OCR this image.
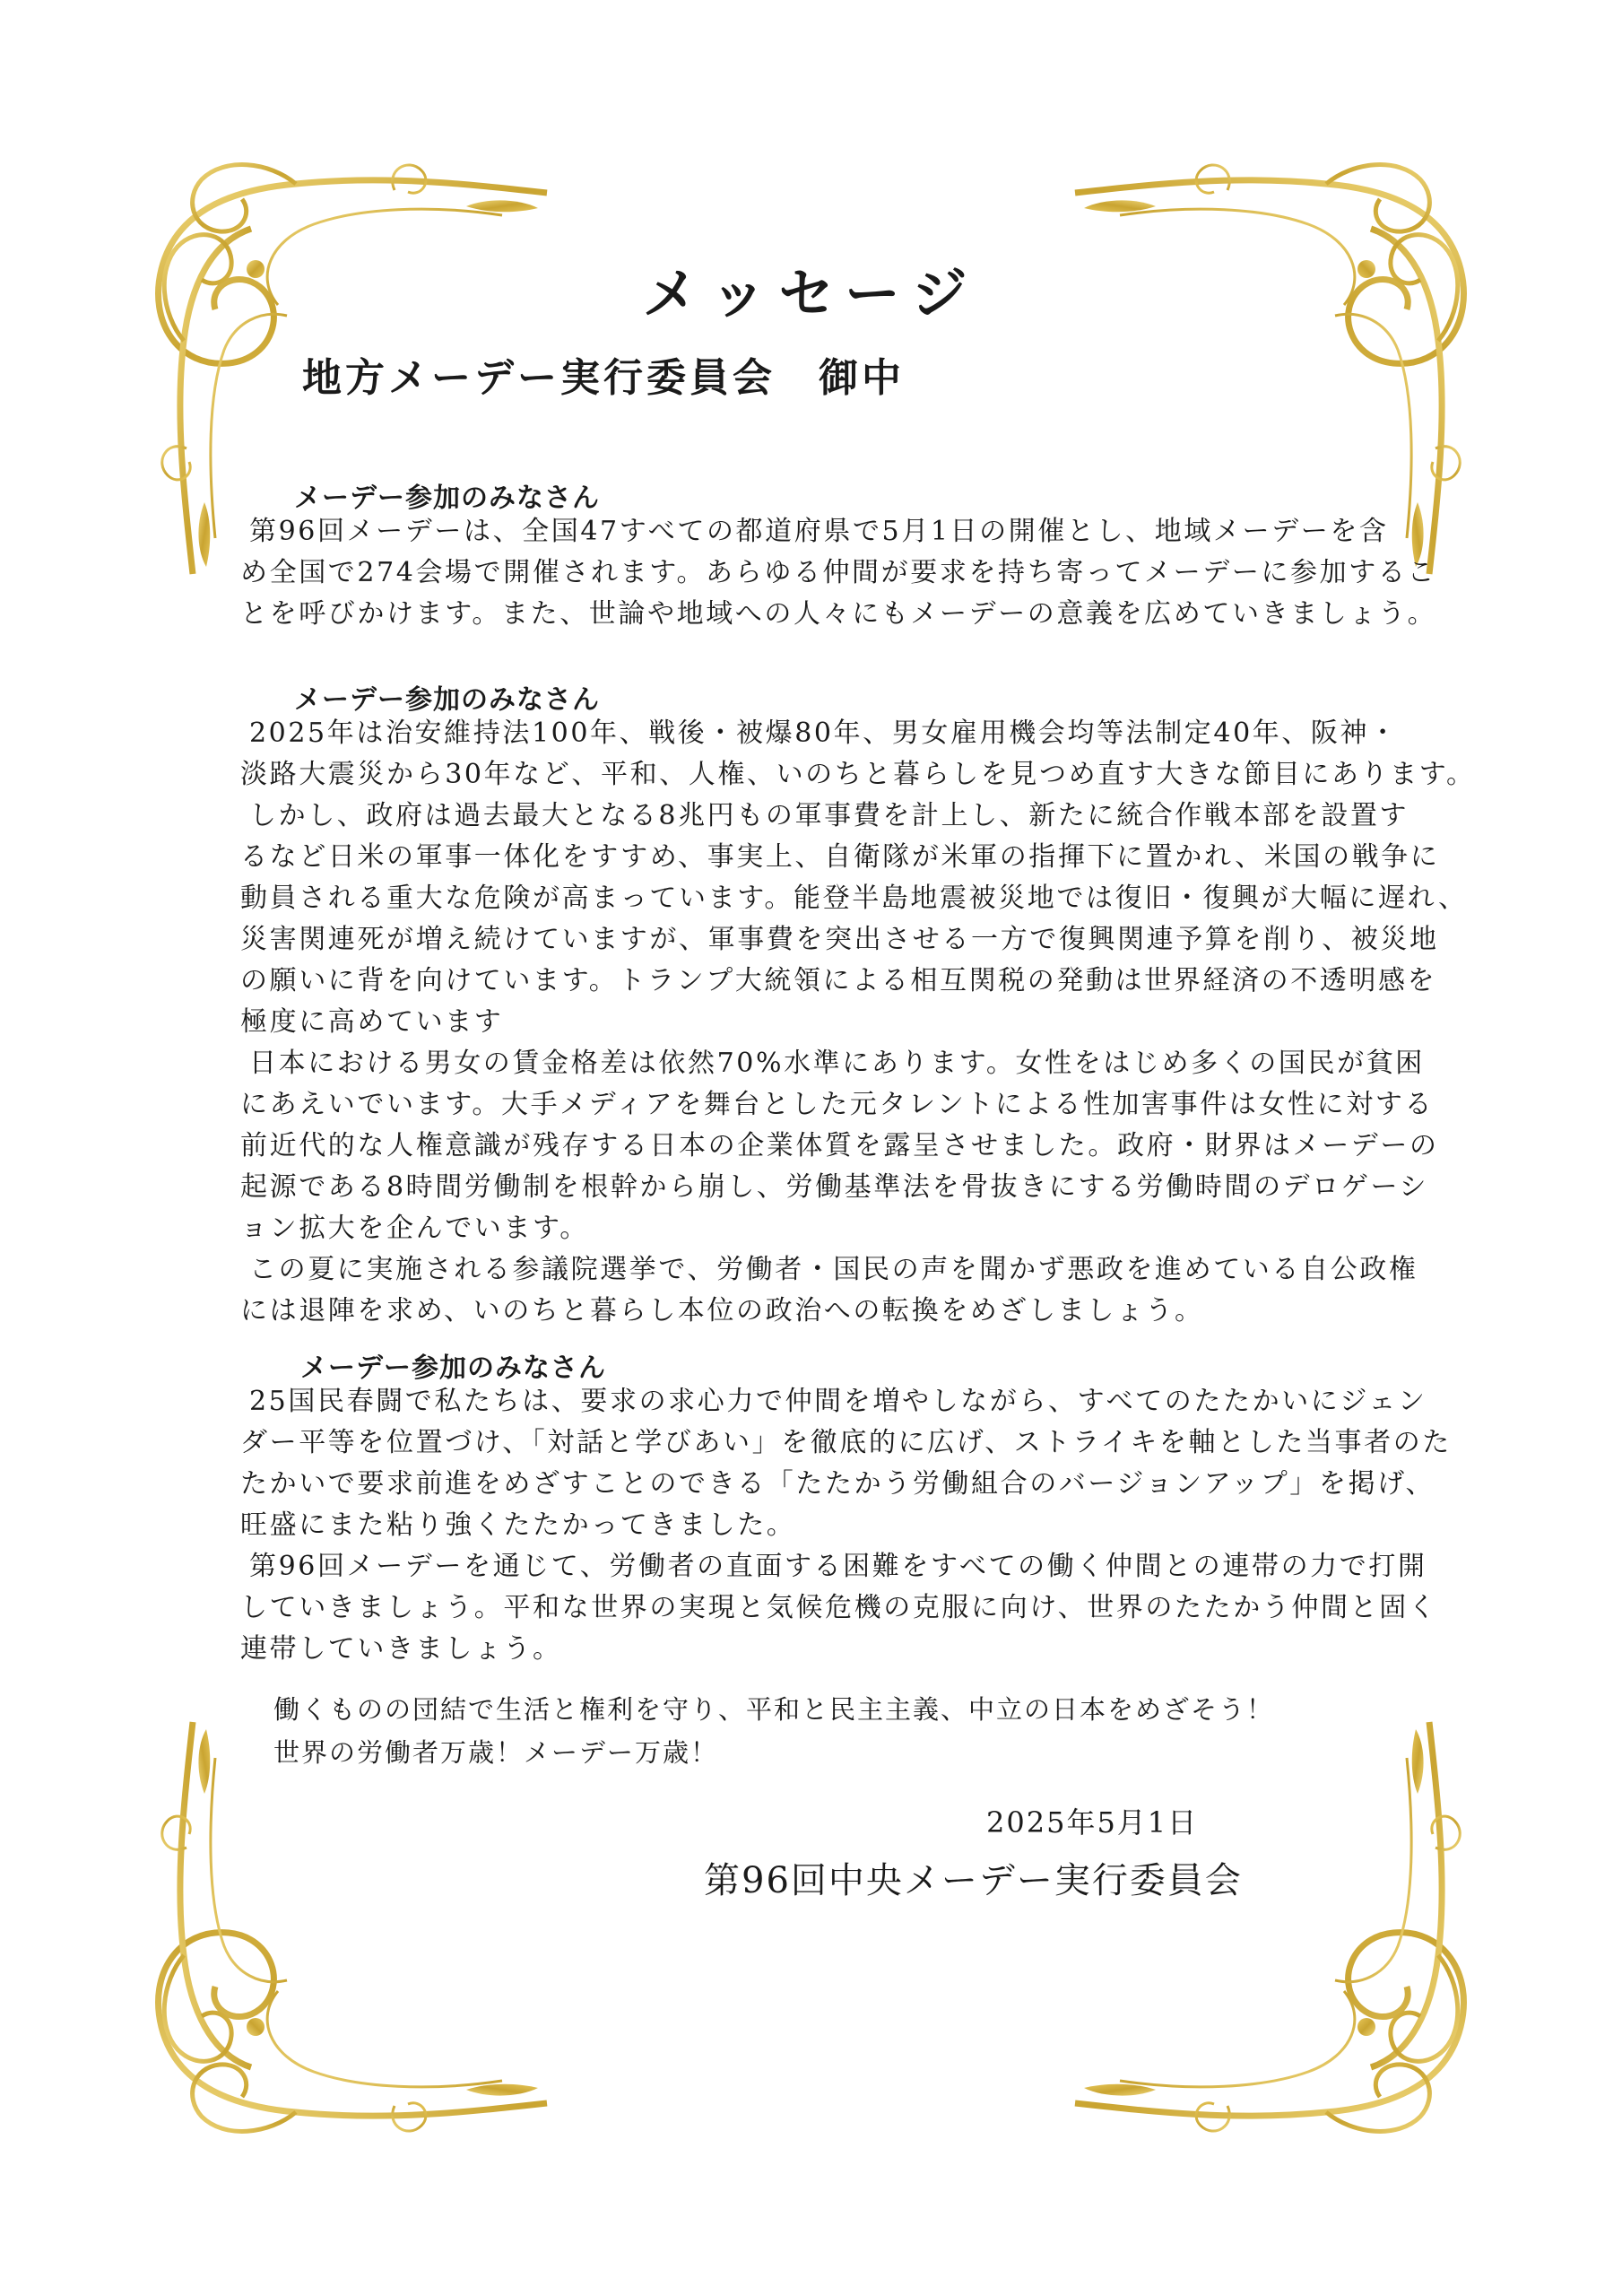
メッセージ
地方メーデー実行委員会　御中
メーデー参加のみなさん
第96回メーデーは、全国47すべての都道府県で5月1日の開催とし、地域メーデーを含
め全国で274会場で開催されます。あらゆる仲間が要求を持ち寄ってメーデーに参加するこ
とを呼びかけます。また、世論や地域への人々にもメーデーの意義を広めていきましょう。
メーデー参加のみなさん
2025年は治安維持法100年、戦後・被爆80年、男女雇用機会均等法制定40年、阪神・
淡路大震災から30年など、平和、人権、いのちと暮らしを見つめ直す大きな節目にあります。
しかし、政府は過去最大となる8兆円もの軍事費を計上し、新たに統合作戦本部を設置す
るなど日米の軍事一体化をすすめ、事実上、自衛隊が米軍の指揮下に置かれ、米国の戦争に
動員される重大な危険が高まっています。能登半島地震被災地では復旧・復興が大幅に遅れ、
災害関連死が増え続けていますが、軍事費を突出させる一方で復興関連予算を削り、被災地
の願いに背を向けています。トランプ大統領による相互関税の発動は世界経済の不透明感を
極度に高めています
日本における男女の賃金格差は依然70%水準にあります。女性をはじめ多くの国民が貧困
にあえいでいます。大手メディアを舞台とした元タレントによる性加害事件は女性に対する
前近代的な人権意識が残存する日本の企業体質を露呈させました。政府・財界はメーデーの
起源である8時間労働制を根幹から崩し、労働基準法を骨抜きにする労働時間のデロゲーシ
ョン拡大を企んでいます。
この夏に実施される参議院選挙で、労働者・国民の声を聞かず悪政を進めている自公政権
には退陣を求め、いのちと暮らし本位の政治への転換をめざしましょう。
メーデー参加のみなさん
25国民春闘で私たちは、要求の求心力で仲間を増やしながら、すべてのたたかいにジェン
ダー平等を位置づけ、「対話と学びあい」を徹底的に広げ、ストライキを軸とした当事者のた
たかいで要求前進をめざすことのできる「たたかう労働組合のバージョンアップ」を掲げ、
旺盛にまた粘り強くたたかってきました。
第96回メーデーを通じて、労働者の直面する困難をすべての働く仲間との連帯の力で打開
していきましょう。平和な世界の実現と気候危機の克服に向け、世界のたたかう仲間と固く
連帯していきましょう。
働くものの団結で生活と権利を守り、平和と民主主義、中立の日本をめざそう！
世界の労働者万歳！メーデー万歳！
2025年5月1日
第96回中央メーデー実行委員会
